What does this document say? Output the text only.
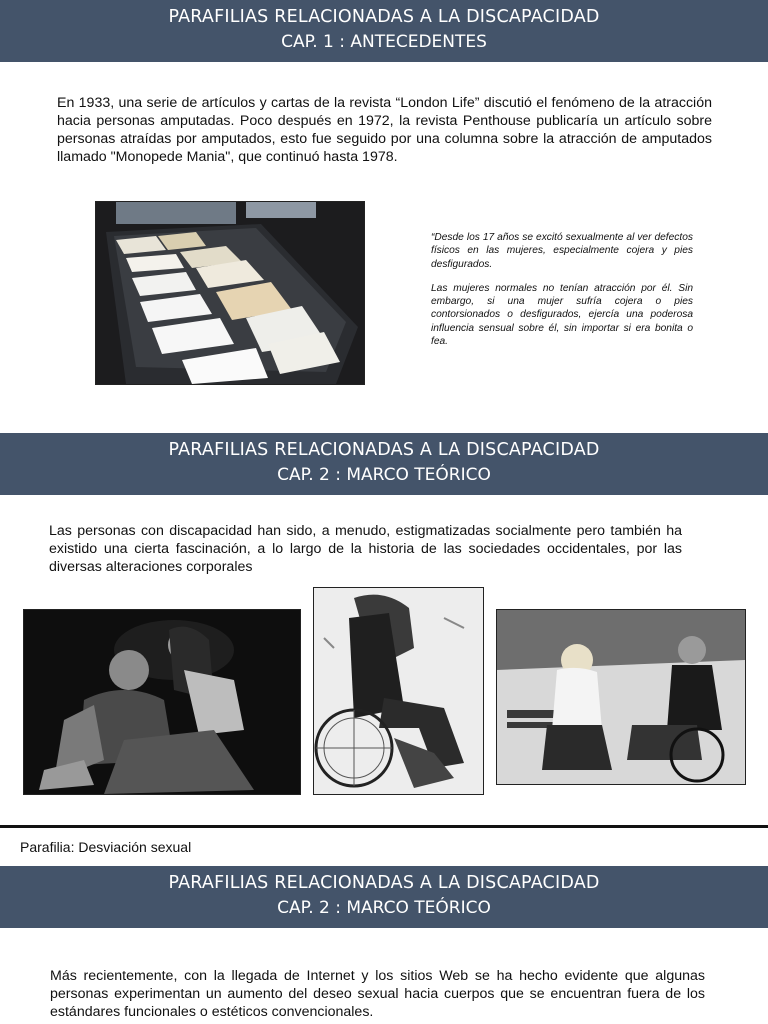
PARAFILIAS RELACIONADAS A LA DISCAPACIDAD
CAP. 1 : ANTECEDENTES
En 1933, una serie de artículos y cartas de la revista “London Life” discutió el fenómeno de la atracción hacia personas amputadas. Poco después en 1972, la revista Penthouse publicaría un artículo sobre personas atraídas por amputados, esto fue seguido por una columna sobre la atracción de amputados llamado "Monopede Mania", que continuó hasta 1978.

“Desde los 17 años se excitó sexualmente al ver defectos físicos en las mujeres, especialmente cojera y pies desfigurados.

Las mujeres normales no tenían atracción por él. Sin embargo, si una mujer sufría cojera o pies contorsionados o desfigurados, ejercía una poderosa influencia sensual sobre él, sin importar si era bonita o fea.

PARAFILIAS RELACIONADAS A LA DISCAPACIDAD
CAP. 2 : MARCO TEÓRICO
Las personas con discapacidad han sido, a menudo, estigmatizadas socialmente pero también ha existido una cierta fascinación, a lo largo de la historia de las sociedades occidentales, por las diversas alteraciones corporales
Parafilia: Desviación sexual
PARAFILIAS RELACIONADAS A LA DISCAPACIDAD
CAP. 2 : MARCO TEÓRICO
Más recientemente, con la llegada de Internet y los sitios Web se ha hecho evidente que algunas personas experimentan un aumento del deseo sexual hacia cuerpos que se encuentran fuera de los estándares funcionales o estéticos convencionales.
